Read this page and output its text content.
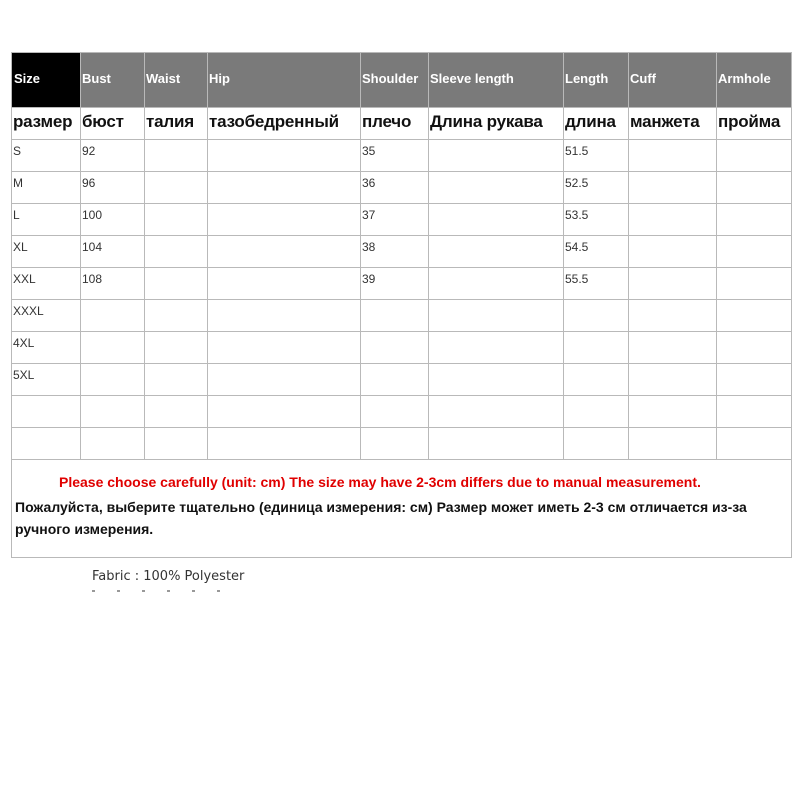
Size	Bust	Waist	Hip	Shoulder	Sleeve length	Length	Cuff	Armhole
размер	бюст	талия	тазобедренный	плечо	Длина рукава	длина	манжета	пройма
S	92			35		51.5		
M	96			36		52.5		
L	100			37		53.5		
XL	104			38		54.5		
XXL	108			39		55.5		
XXXL								
4XL								
5XL								

Please choose carefully (unit: cm) The size may have 2-3cm differs due to manual measurement.
Пожалуйста, выберите тщательно (единица измерения: см) Размер может иметь 2-3 см отличается из-за ручного измерения.								
Fabric : 100% Polyester
